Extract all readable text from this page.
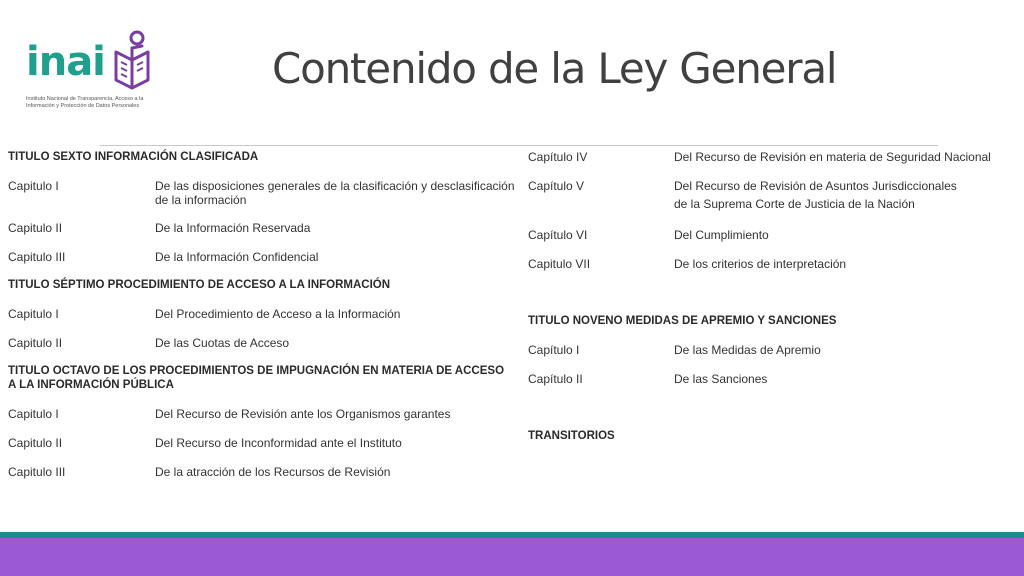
inai
Instituto Nacional de Transparencia, Acceso a la
Información y Protección de Datos Personales
Contenido de la Ley General
TITULO SEXTO INFORMACIÓN CLASIFICADA
Capitulo I	De las disposiciones generales de la clasificación y desclasificación de la información
Capitulo II	De la Información Reservada
Capitulo III	De la Información Confidencial
TITULO SÉPTIMO PROCEDIMIENTO DE ACCESO A LA INFORMACIÓN
Capitulo I	Del Procedimiento de Acceso a la Información
Capitulo II	De las Cuotas de Acceso
TITULO OCTAVO DE LOS PROCEDIMIENTOS DE IMPUGNACIÓN EN MATERIA DE ACCESO A LA INFORMACIÓN PÚBLICA
Capitulo I	Del Recurso de Revisión ante los Organismos garantes
Capitulo II	Del Recurso de Inconformidad ante el Instituto
Capitulo III	De la atracción de los Recursos de Revisión
Capítulo IV	Del Recurso de Revisión en materia de Seguridad Nacional
Capítulo V	Del Recurso de Revisión de Asuntos Jurisdiccionales
de la Suprema Corte de Justicia de la Nación
Capítulo VI	Del Cumplimiento
Capitulo VII	De los criterios de interpretación
TITULO NOVENO MEDIDAS DE APREMIO Y SANCIONES
Capítulo I	De las Medidas de Apremio
Capítulo II	De las Sanciones
TRANSITORIOS
